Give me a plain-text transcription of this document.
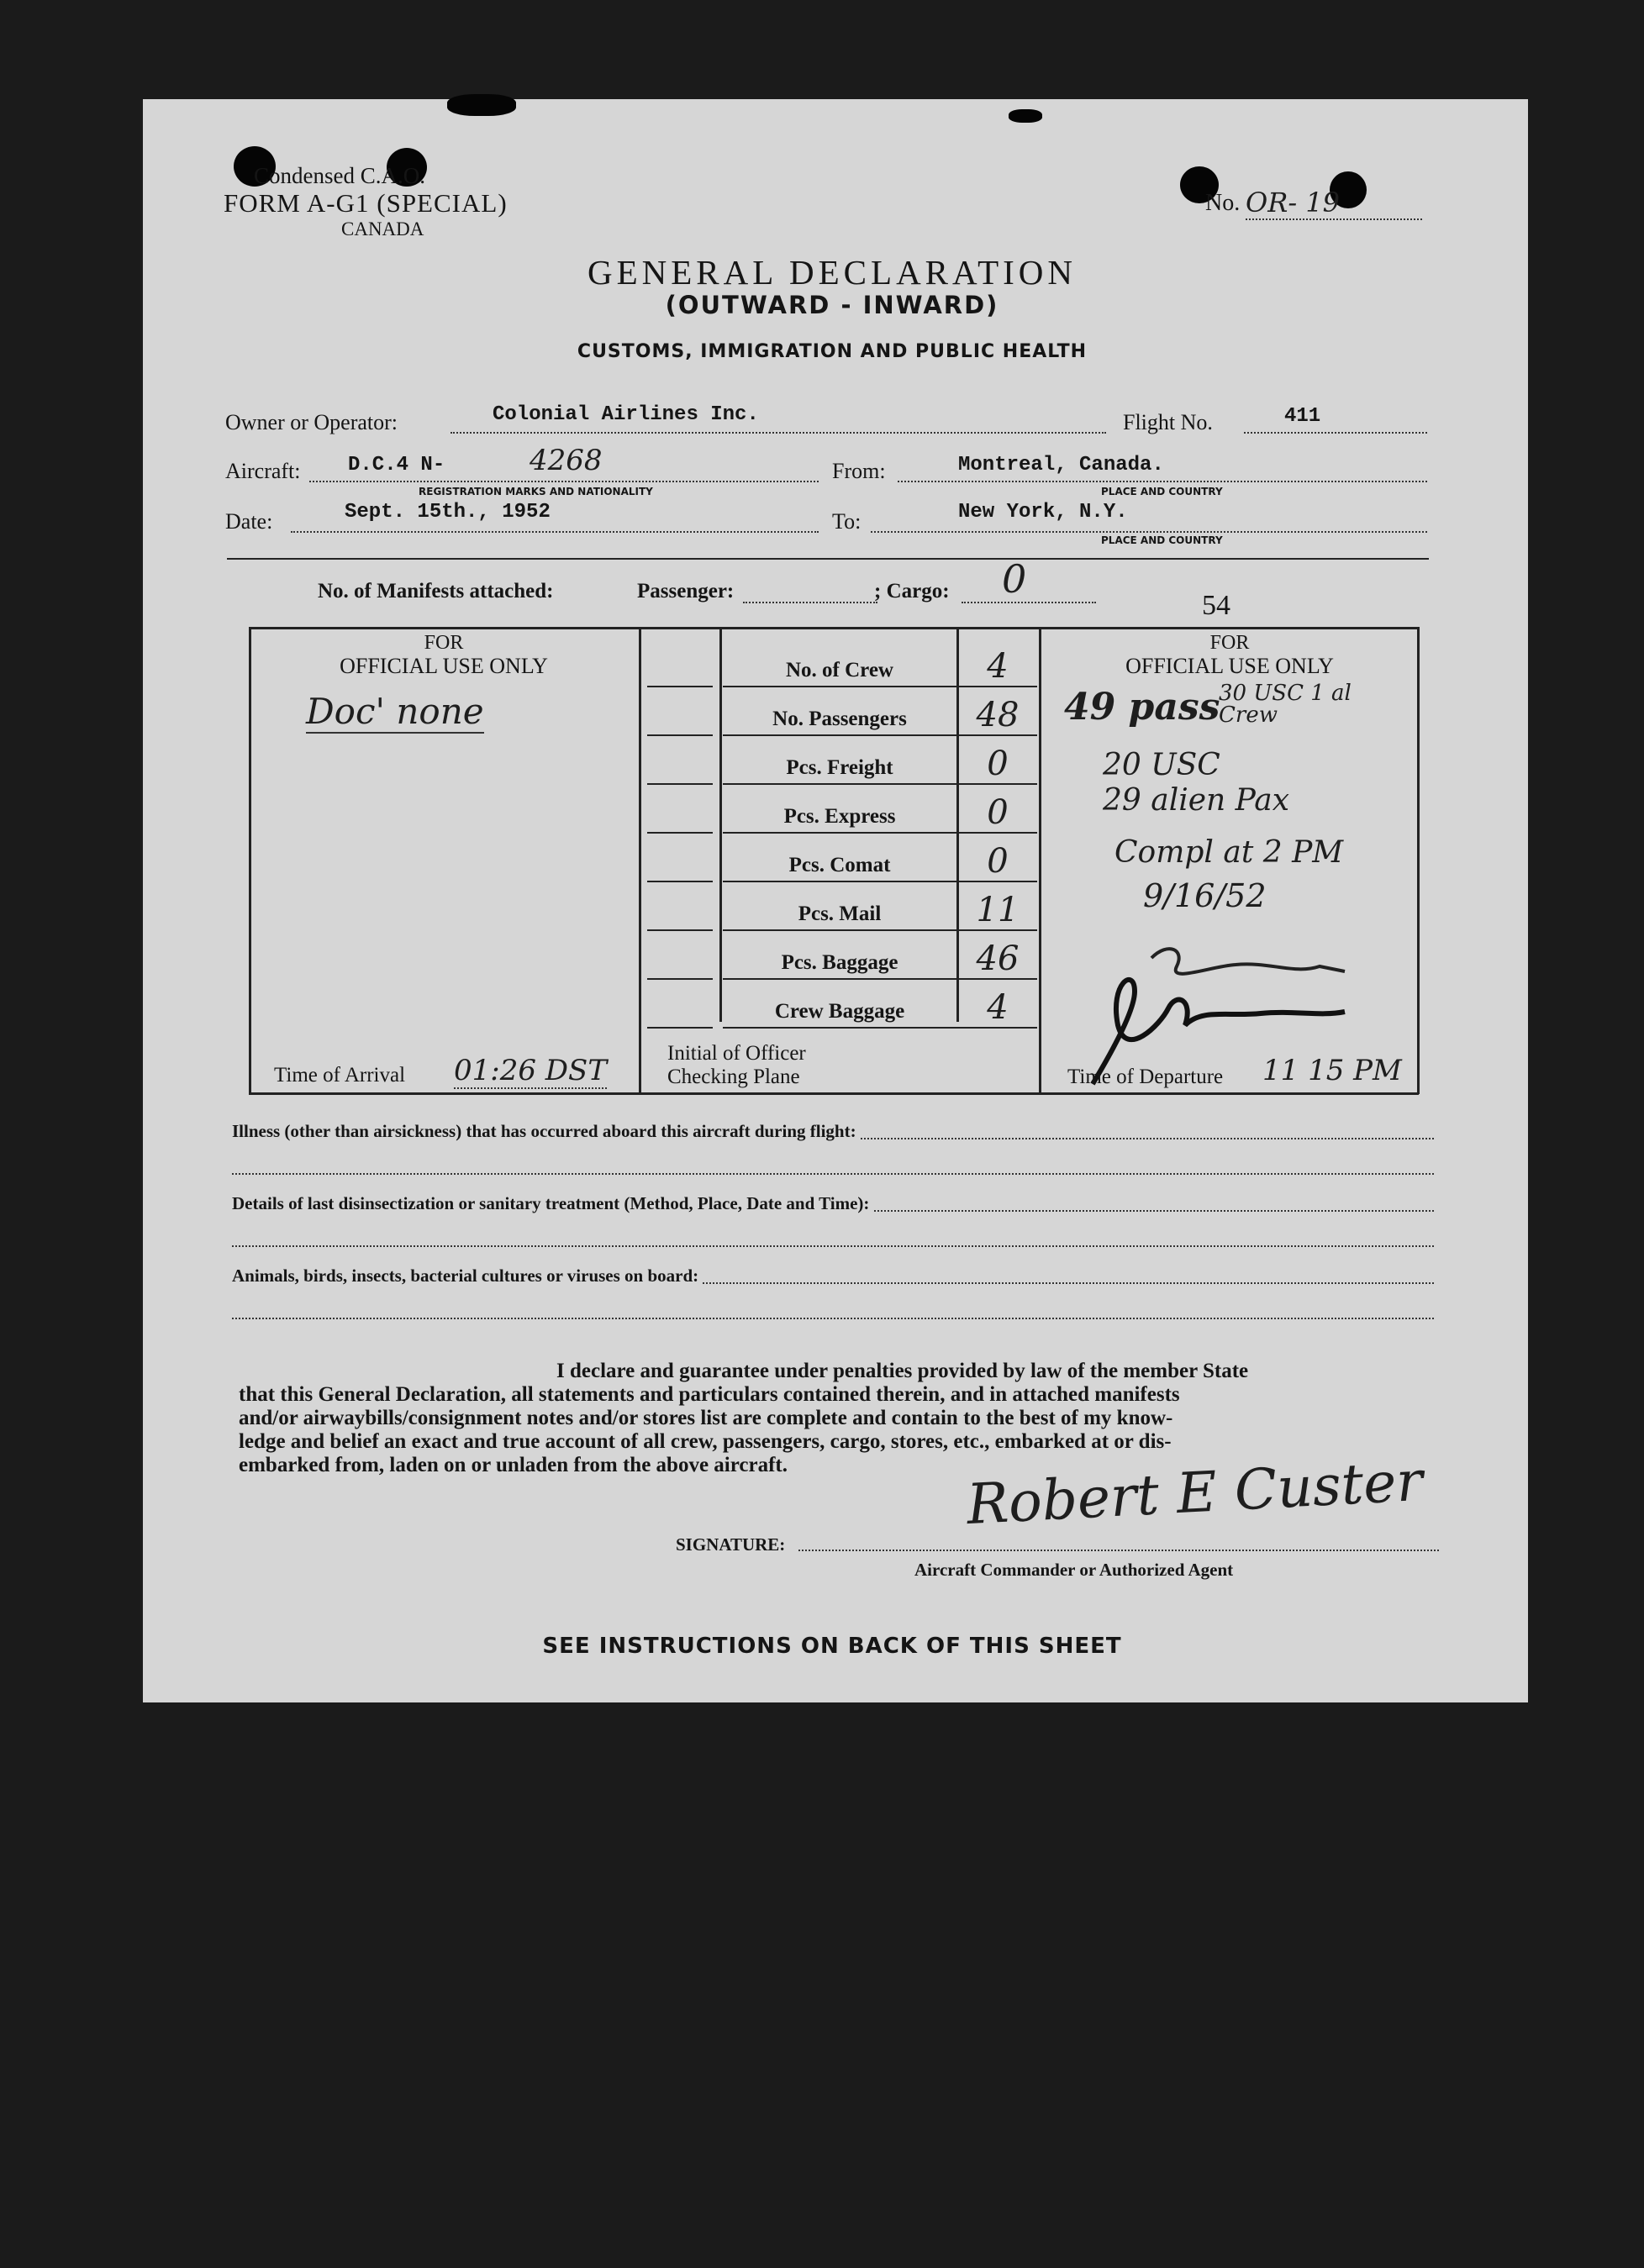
Condensed C.A.O.
FORM A-G1 (SPECIAL)
CANADA
No. OR- 19
GENERAL DECLARATION
(OUTWARD - INWARD)
CUSTOMS, IMMIGRATION AND PUBLIC HEALTH
Owner or Operator:	Colonial Airlines Inc.	Flight No.	411
Aircraft: D.C.4 N-	4268
REGISTRATION MARKS AND NATIONALITY
From:	Montreal, Canada.
PLACE AND COUNTRY
Date:	Sept. 15th., 1952	To:	New York, N.Y.
PLACE AND COUNTRY
No. of Manifests attached:	Passenger:	; Cargo: 0
54
FOR
OFFICIAL USE ONLY
Doc' none
No. of Crew	4
No. Passengers	48
Pcs. Freight	0
Pcs. Express	0
Pcs. Comat	0
Pcs. Mail	11
Pcs. Baggage	46
Crew Baggage	4
FOR
OFFICIAL USE ONLY
49 pass
30 USC 1 al Crew
20 USC
29 alien Pax
Compl at 2 PM
9/16/52
Time of Arrival 01:26 DST
Initial of Officer
Checking Plane	Time of Departure 11 15 PM
Illness (other than airsickness) that has occurred aboard this aircraft during flight:
Details of last disinsectization or sanitary treatment (Method, Place, Date and Time):
Animals, birds, insects, bacterial cultures or viruses on board:
I declare and guarantee under penalties provided by law of the member State
that this General Declaration, all statements and particulars contained therein, and in attached manifests
and/or airwaybills/consignment notes and/or stores list are complete and contain to the best of my know-
ledge and belief an exact and true account of all crew, passengers, cargo, stores, etc., embarked at or dis-
embarked from, laden on or unladen from the above aircraft.
SIGNATURE:
Robert E Custer
Aircraft Commander or Authorized Agent
SEE INSTRUCTIONS ON BACK OF THIS SHEET
